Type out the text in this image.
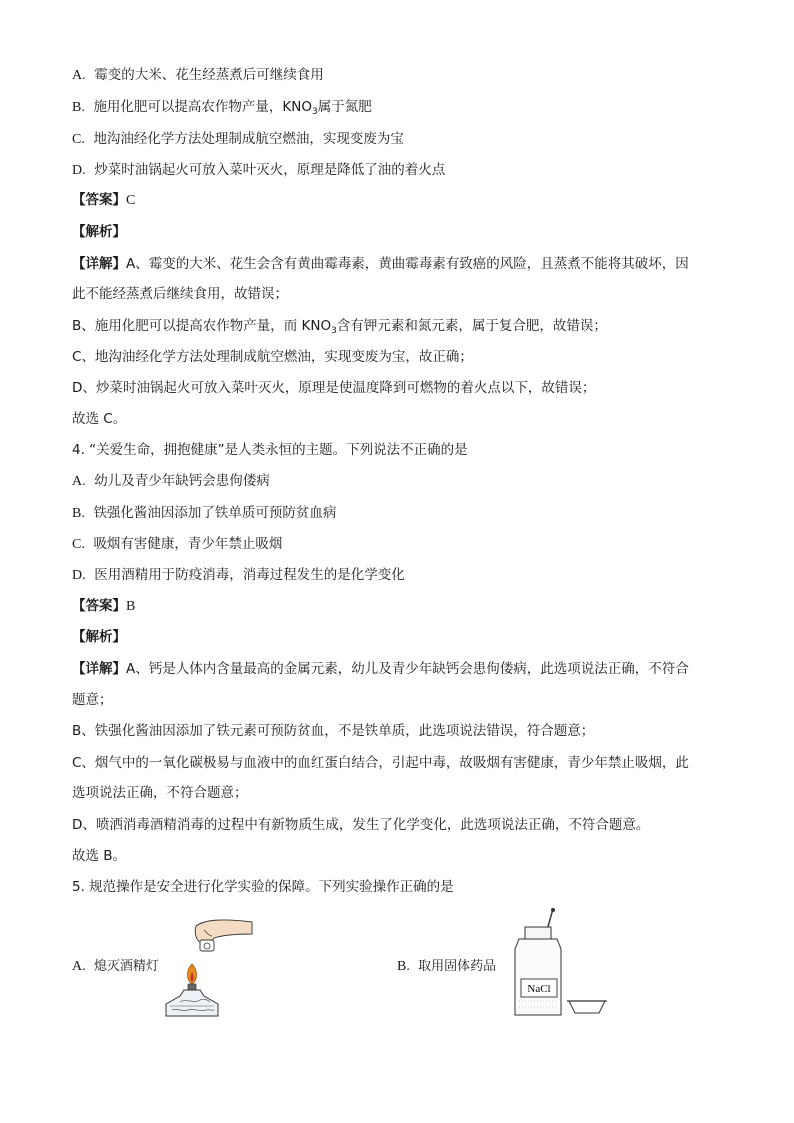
A. 霉变的大米、花生经蒸煮后可继续食用
B. 施用化肥可以提高农作物产量，$KNO_3$属于氮肥
C. 地沟油经化学方法处理制成航空燃油，实现变废为宝
D. 炒菜时油锅起火可放入菜叶灭火，原理是降低了油的着火点
【答案】C
【解析】
【详解】A、霉变的大米、花生会含有黄曲霉毒素，黄曲霉毒素有致癌的风险，且蒸煮不能将其破坏，因
此不能经蒸煮后继续食用，故错误；
B、施用化肥可以提高农作物产量，而 $KNO_3$含有钾元素和氮元素，属于复合肥，故错误；
C、地沟油经化学方法处理制成航空燃油，实现变废为宝，故正确；
D、炒菜时油锅起火可放入菜叶灭火，原理是使温度降到可燃物的着火点以下，故错误；
故选 C。
4. “关爱生命，拥抱健康”是人类永恒的主题。下列说法不正确的是
A. 幼儿及青少年缺钙会患佝偻病
B. 铁强化酱油因添加了铁单质可预防贫血病
C. 吸烟有害健康，青少年禁止吸烟
D. 医用酒精用于防疫消毒，消毒过程发生的是化学变化
【答案】B
【解析】
【详解】A、钙是人体内含量最高的金属元素，幼儿及青少年缺钙会患佝偻病，此选项说法正确，不符合
题意；
B、铁强化酱油因添加了铁元素可预防贫血，不是铁单质，此选项说法错误，符合题意；
C、烟气中的一氧化碳极易与血液中的血红蛋白结合，引起中毒，故吸烟有害健康，青少年禁止吸烟，此
选项说法正确，不符合题意；
D、喷洒消毒酒精消毒的过程中有新物质生成，发生了化学变化，此选项说法正确，不符合题意。
故选 B。
5. 规范操作是安全进行化学实验的保障。下列实验操作正确的是
A. 熄灭酒精灯	B. 取用固体药品
NaCl
